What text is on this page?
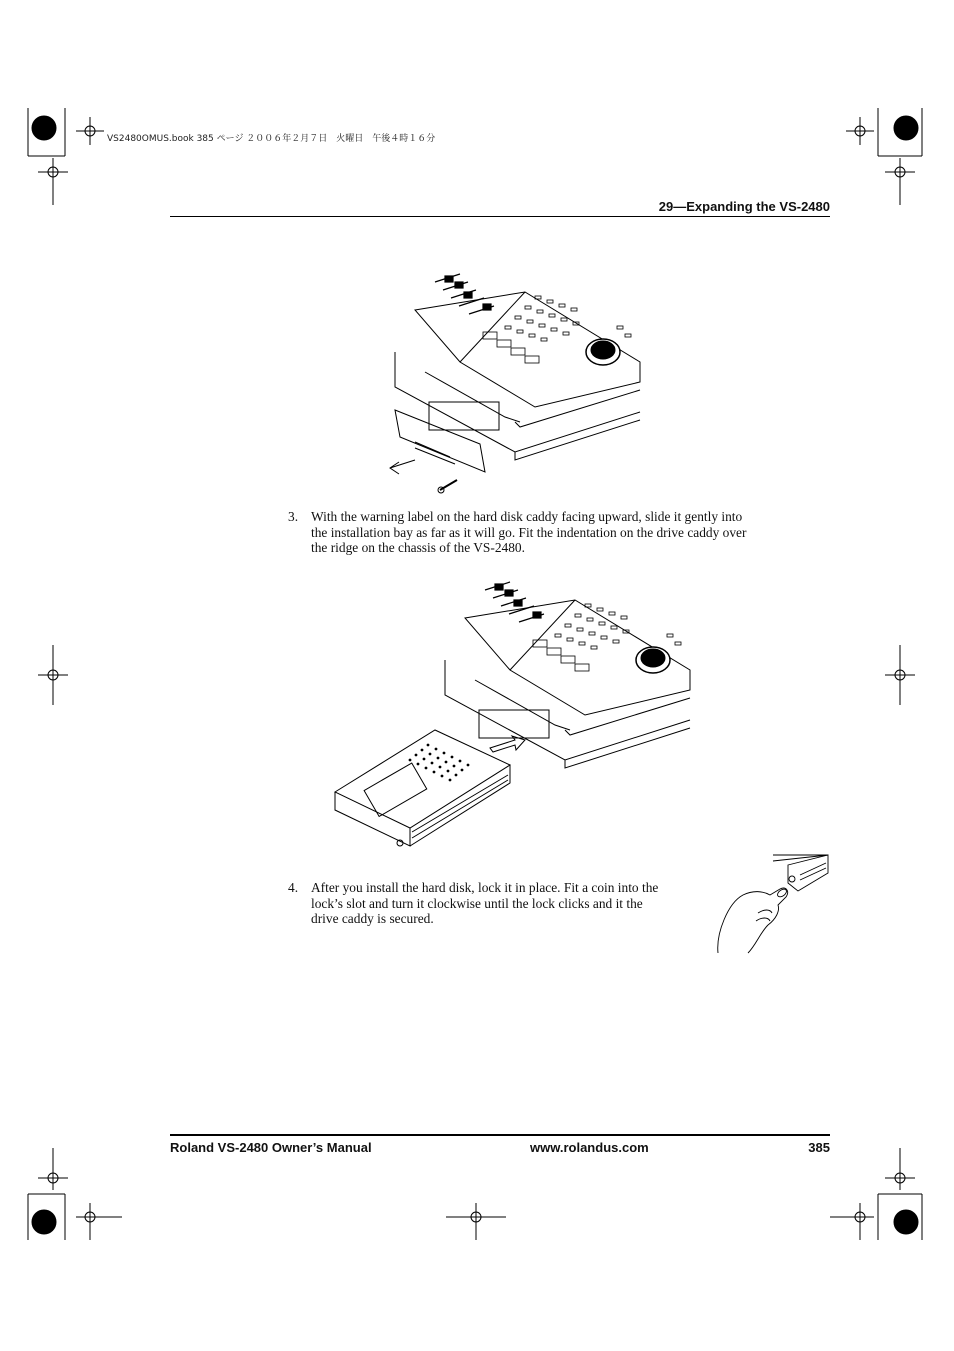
VS2480OMUS.book 385 ページ ２００６年２月７日　火曜日　午後４時１６分
29—Expanding the VS-2480
3. With the warning label on the hard disk caddy facing upward, slide it gently into
the installation bay as far as it will go. Fit the indentation on the drive caddy over
the ridge on the chassis of the VS-2480.
4. After you install the hard disk, lock it in place. Fit a coin into the
lock’s slot and turn it clockwise until the lock clicks and it the
drive caddy is secured.
Roland VS-2480 Owner’s Manual	www.rolandus.com	385
